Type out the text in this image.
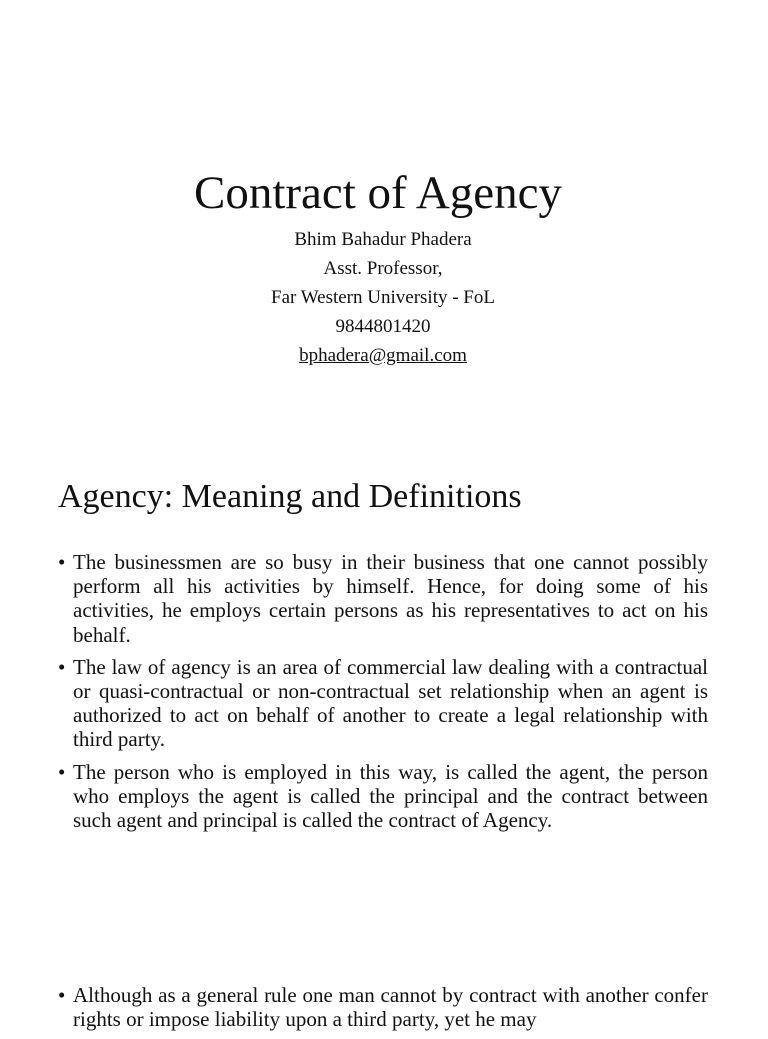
Contract of Agency
Bhim Bahadur Phadera
Asst. Professor,
Far Western University - FoL
9844801420
bphadera@gmail.com
Agency: Meaning and Definitions
• The businessmen are so busy in their business that one cannot possibly perform all his activities by himself. Hence, for doing some of his activities, he employs certain persons as his representatives to act on his behalf.
• The law of agency is an area of commercial law dealing with a contractual or quasi-contractual or non-contractual set relationship when an agent is authorized to act on behalf of another to create a legal relationship with third party.
• The person who is employed in this way, is called the agent, the person who employs the agent is called the principal and the contract between such agent and principal is called the contract of Agency.
• Although as a general rule one man cannot by contract with another confer rights or impose liability upon a third party, yet he may
